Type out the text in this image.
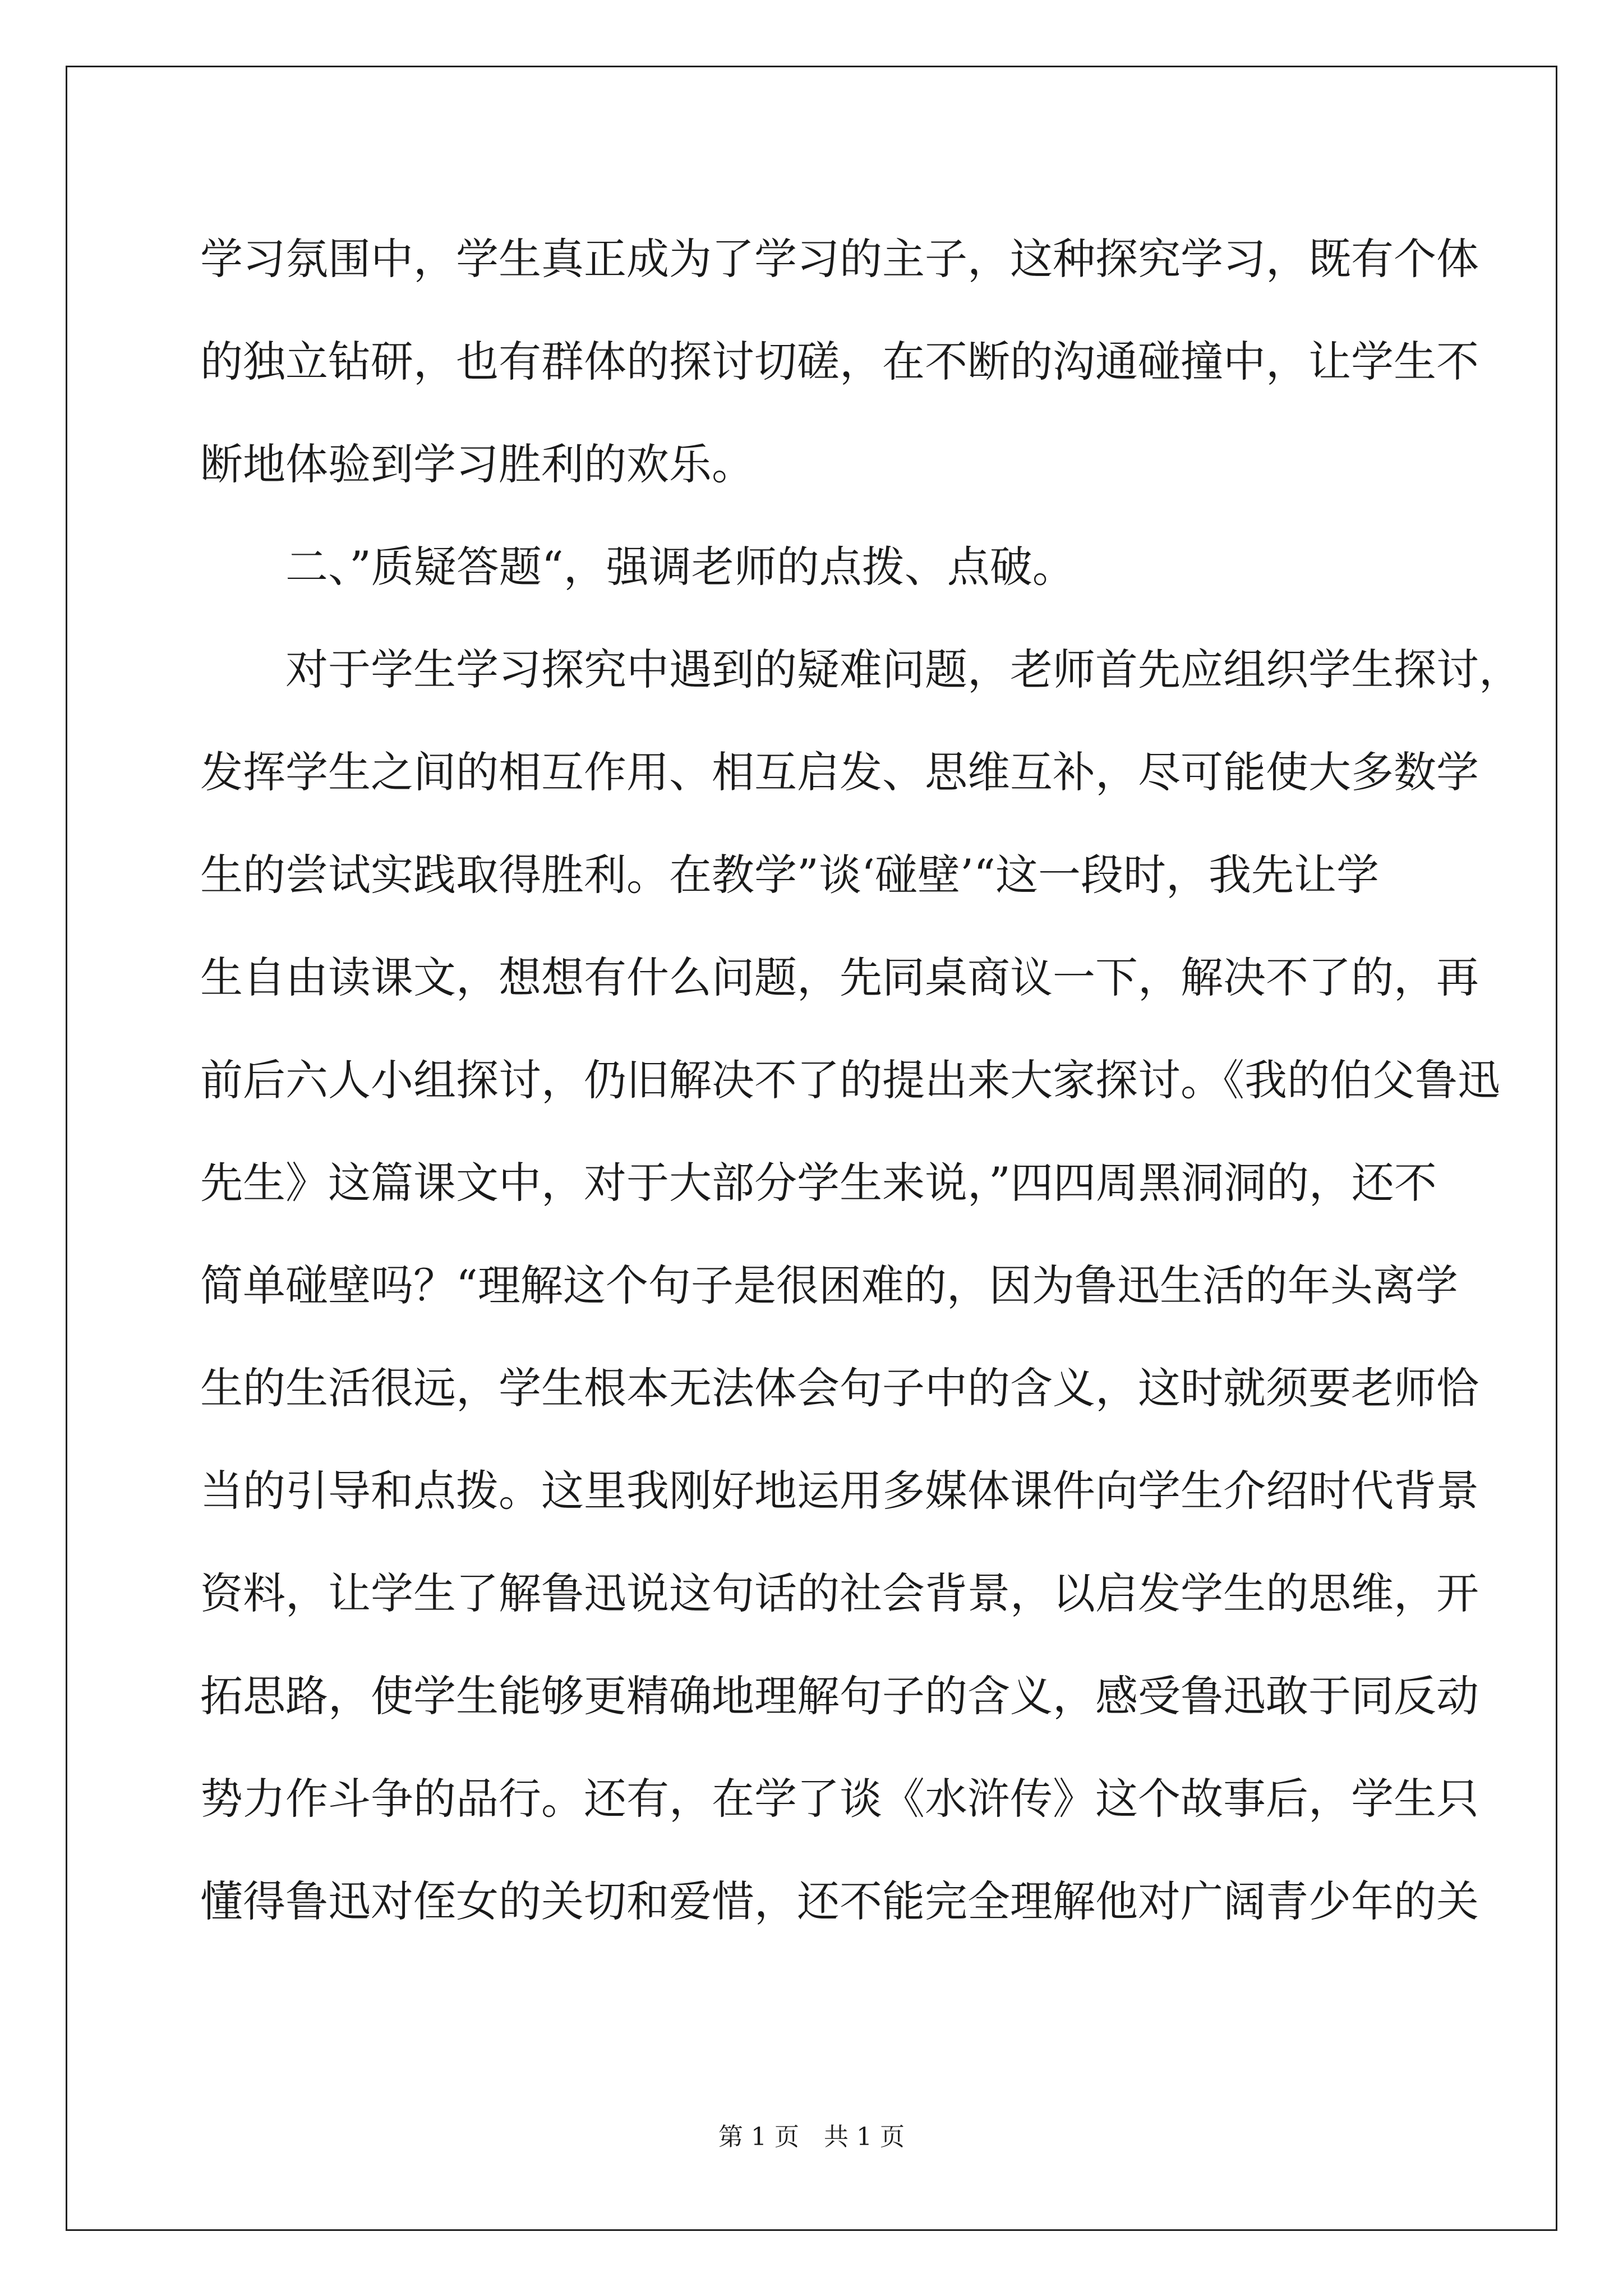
学习氛围中，学生真正成为了学习的主子，这种探究学习，既有个体
的独立钻研，也有群体的探讨切磋，在不断的沟通碰撞中，让学生不
断地体验到学习胜利的欢乐。
　　二、”质疑答题“，强调老师的点拨、点破。
　　对于学生学习探究中遇到的疑难问题，老师首先应组织学生探讨，
发挥学生之间的相互作用、相互启发、思维互补，尽可能使大多数学
生的尝试实践取得胜利。在教学”谈‘碰壁’“这一段时，我先让学
生自由读课文，想想有什么问题，先同桌商议一下，解决不了的，再
前后六人小组探讨，仍旧解决不了的提出来大家探讨。《我的伯父鲁迅
先生》这篇课文中，对于大部分学生来说，”四四周黑洞洞的，还不
简单碰壁吗？“理解这个句子是很困难的，因为鲁迅生活的年头离学
生的生活很远，学生根本无法体会句子中的含义，这时就须要老师恰
当的引导和点拨。这里我刚好地运用多媒体课件向学生介绍时代背景
资料，让学生了解鲁迅说这句话的社会背景，以启发学生的思维，开
拓思路，使学生能够更精确地理解句子的含义，感受鲁迅敢于同反动
势力作斗争的品行。还有，在学了谈《水浒传》这个故事后，学生只
懂得鲁迅对侄女的关切和爱惜，还不能完全理解他对广阔青少年的关
第 1 页　共 1 页
